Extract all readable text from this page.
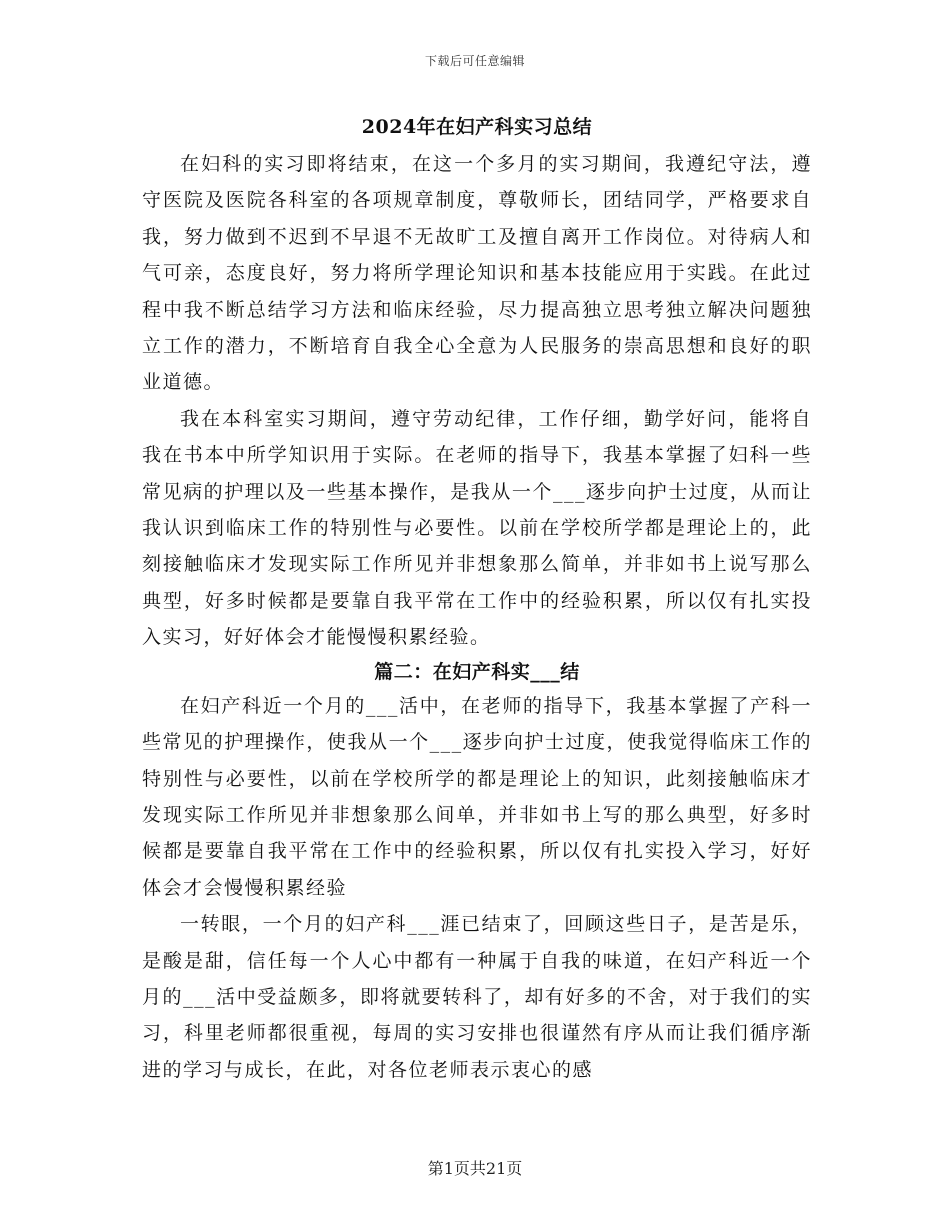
下载后可任意编辑
2024年在妇产科实习总结

在妇科的实习即将结束，在这一个多月的实习期间，我遵纪守法，遵守医院及医院各科室的各项规章制度，尊敬师长，团结同学，严格要求自我，努力做到不迟到不早退不无故旷工及擅自离开工作岗位。对待病人和气可亲，态度良好，努力将所学理论知识和基本技能应用于实践。在此过程中我不断总结学习方法和临床经验，尽力提高独立思考独立解决问题独立工作的潜力，不断培育自我全心全意为人民服务的崇高思想和良好的职业道德。

我在本科室实习期间，遵守劳动纪律，工作仔细，勤学好问，能将自我在书本中所学知识用于实际。在老师的指导下，我基本掌握了妇科一些常见病的护理以及一些基本操作，是我从一个___逐步向护士过度，从而让我认识到临床工作的特别性与必要性。以前在学校所学都是理论上的，此刻接触临床才发现实际工作所见并非想象那么简单，并非如书上说写那么典型，好多时候都是要靠自我平常在工作中的经验积累，所以仅有扎实投入实习，好好体会才能慢慢积累经验。

篇二：在妇产科实___结

在妇产科近一个月的___活中，在老师的指导下，我基本掌握了产科一些常见的护理操作，使我从一个___逐步向护士过度，使我觉得临床工作的特别性与必要性，以前在学校所学的都是理论上的知识，此刻接触临床才发现实际工作所见并非想象那么间单，并非如书上写的那么典型，好多时候都是要靠自我平常在工作中的经验积累，所以仅有扎实投入学习，好好体会才会慢慢积累经验

一转眼，一个月的妇产科___涯已结束了，回顾这些日子，是苦是乐，是酸是甜，信任每一个人心中都有一种属于自我的味道，在妇产科近一个月的___活中受益颇多，即将就要转科了，却有好多的不舍，对于我们的实习，科里老师都很重视，每周的实习安排也很谨然有序从而让我们循序渐进的学习与成长，在此，对各位老师表示衷心的感

第1页共21页
